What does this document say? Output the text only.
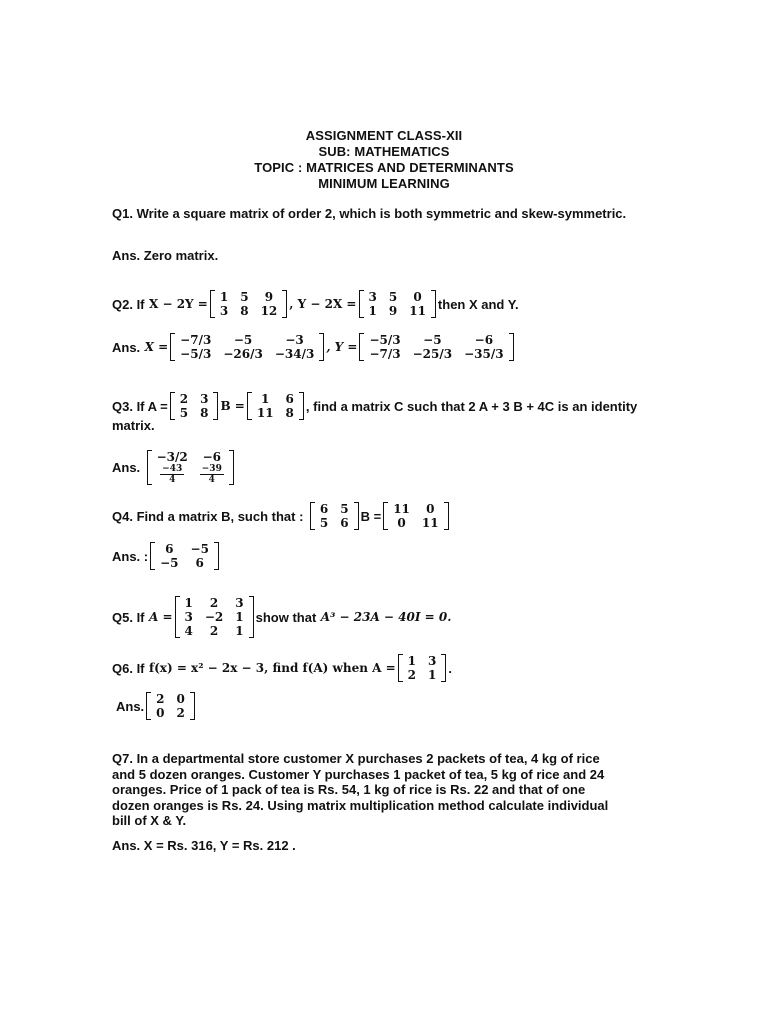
ASSIGNMENT CLASS-XII
SUB: MATHEMATICS
TOPIC : MATRICES AND DETERMINANTS
MINIMUM LEARNING
Q1. Write a square matrix of order 2, which is both symmetric and skew-symmetric.
Ans. Zero matrix.
Q2. If
X − 2Y = 1	5	9
3	8	12 , Y − 2X = 3	5	0
1	9	11 then X and Y.
Ans.
X = −7/3	−5	−3
−5/3	−26/3	−34/3 , Y = −5/3	−5	−6
−7/3	−25/3	−35/3
Q3. If A = 2	3
5	8 B = 1	6
11	8 , find a matrix C such that 2 A + 3 B + 4C is an identity
matrix.
Ans.

−3/2	−6

$\frac{-43}{4}$	$\frac{-39}{4}$
Q4. Find a matrix B, such that :
6	5
5	6 B = 11	0
0	11
Ans. : 6	−5
−5	6
Q5. If
A =
1	2	3
3	−2	1
4	2	1
show that
A³ − 23A − 40I = 0.
Q6. If
f(x) = x² − 2x − 3, find f(A) when A = 1	3
2	1 .
Ans. 2	0
0	2
Q7. In a departmental store customer X purchases 2 packets of tea, 4 kg of rice
and 5 dozen oranges. Customer Y purchases 1 packet of tea, 5 kg of rice and 24
oranges. Price of 1 pack of tea is Rs. 54, 1 kg of rice is Rs. 22 and that of one
dozen oranges is Rs. 24. Using matrix multiplication method calculate individual
bill of X & Y.
Ans. X = Rs. 316, Y = Rs. 212 .
